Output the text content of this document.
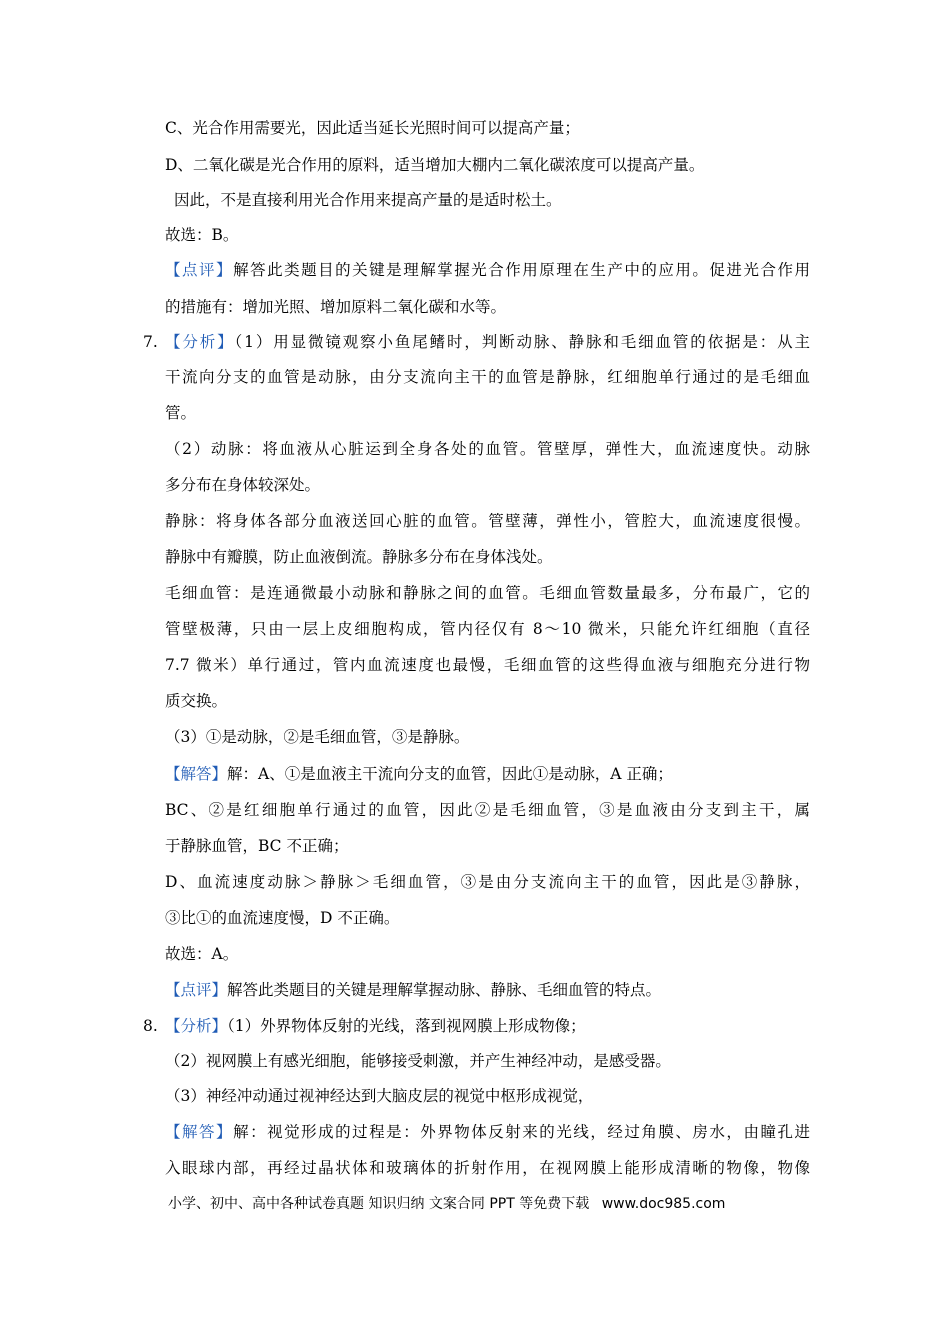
C、光合作用需要光，因此适当延长光照时间可以提高产量；
D、二氧化碳是光合作用的原料，适当增加大棚内二氧化碳浓度可以提高产量。
因此，不是直接利用光合作用来提高产量的是适时松土。
故选：B。
【点评】解答此类题目的关键是理解掌握光合作用原理在生产中的应用。促进光合作用
的措施有：增加光照、增加原料二氧化碳和水等。
7. 【分析】（1）用显微镜观察小鱼尾鳍时，判断动脉、静脉和毛细血管的依据是：从主
干流向分支的血管是动脉，由分支流向主干的血管是静脉，红细胞单行通过的是毛细血
管。
（2）动脉：将血液从心脏运到全身各处的血管。管壁厚，弹性大，血流速度快。动脉
多分布在身体较深处。
静脉：将身体各部分血液送回心脏的血管。管壁薄，弹性小，管腔大，血流速度很慢。
静脉中有瓣膜，防止血液倒流。静脉多分布在身体浅处。
毛细血管：是连通微最小动脉和静脉之间的血管。毛细血管数量最多，分布最广，它的
管壁极薄，只由一层上皮细胞构成，管内径仅有 8～10 微米，只能允许红细胞（直径
7.7 微米）单行通过，管内血流速度也最慢，毛细血管的这些得血液与细胞充分进行物
质交换。
（3）①是动脉，②是毛细血管，③是静脉。
【解答】解：A、①是血液主干流向分支的血管，因此①是动脉，A 正确；
BC、②是红细胞单行通过的血管，因此②是毛细血管，③是血液由分支到主干，属
于静脉血管，BC 不正确；
D、血流速度动脉＞静脉＞毛细血管，③是由分支流向主干的血管，因此是③静脉，
③比①的血流速度慢，D 不正确。
故选：A。
【点评】解答此类题目的关键是理解掌握动脉、静脉、毛细血管的特点。
8. 【分析】（1）外界物体反射的光线，落到视网膜上形成物像；
（2）视网膜上有感光细胞，能够接受刺激，并产生神经冲动，是感受器。
（3）神经冲动通过视神经达到大脑皮层的视觉中枢形成视觉，
【解答】解：视觉形成的过程是：外界物体反射来的光线，经过角膜、房水，由瞳孔进
入眼球内部，再经过晶状体和玻璃体的折射作用，在视网膜上能形成清晰的物像，物像
小学、初中、高中各种试卷真题 知识归纳 文案合同 PPT 等免费下载 www.doc985.com
